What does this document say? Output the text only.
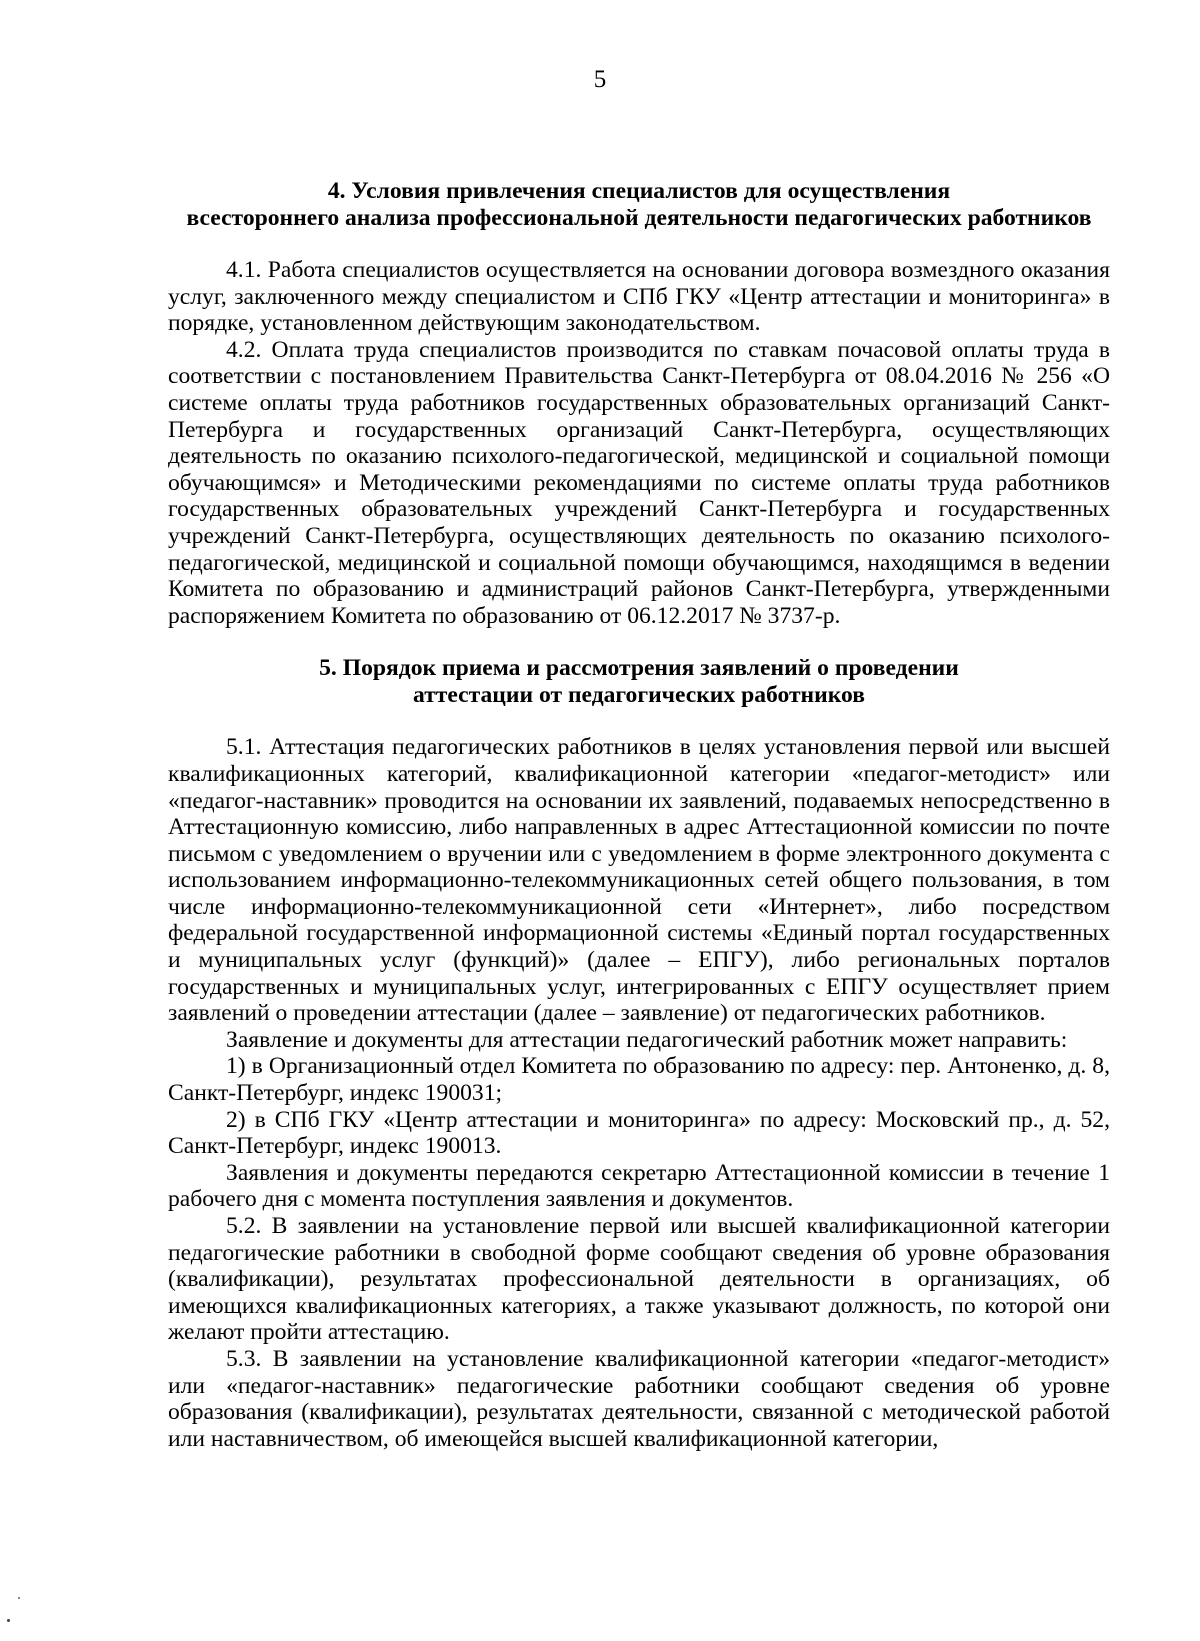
5
4. Условия привлечения специалистов для осуществления
всестороннего анализа профессиональной деятельности педагогических работников

4.1. Работа специалистов осуществляется на основании договора возмездного оказания услуг, заключенного между специалистом и СПб ГКУ «Центр аттестации и мониторинга» в порядке, установленном действующим законодательством.

4.2. Оплата труда специалистов производится по ставкам почасовой оплаты труда в соответствии с постановлением Правительства Санкт-Петербурга от 08.04.2016 № 256 «О системе оплаты труда работников государственных образовательных организаций Санкт-Петербурга и государственных организаций Санкт-Петербурга, осуществляющих деятельность по оказанию психолого-педагогической, медицинской и социальной помощи обучающимся» и Методическими рекомендациями по системе оплаты труда работников государственных образовательных учреждений Санкт-Петербурга и государственных учреждений Санкт-Петербурга, осуществляющих деятельность по оказанию психолого-педагогической, медицинской и социальной помощи обучающимся, находящимся в ведении Комитета по образованию и администраций районов Санкт-Петербурга, утвержденными распоряжением Комитета по образованию от 06.12.2017 № 3737-р.

5. Порядок приема и рассмотрения заявлений о проведении
аттестации от педагогических работников

5.1. Аттестация педагогических работников в целях установления первой или высшей квалификационных категорий, квалификационной категории «педагог-методист» или «педагог-наставник» проводится на основании их заявлений, подаваемых непосредственно в Аттестационную комиссию, либо направленных в адрес Аттестационной комиссии по почте письмом с уведомлением о вручении или с уведомлением в форме электронного документа с использованием информационно-телекоммуникационных сетей общего пользования, в том числе информационно-телекоммуникационной сети «Интернет», либо посредством федеральной государственной информационной системы «Единый портал государственных и муниципальных услуг (функций)» (далее – ЕПГУ), либо региональных порталов государственных и муниципальных услуг, интегрированных с ЕПГУ осуществляет прием заявлений о проведении аттестации (далее – заявление) от педагогических работников.

Заявление и документы для аттестации педагогический работник может направить:

1) в Организационный отдел Комитета по образованию по адресу: пер. Антоненко, д. 8, Санкт-Петербург, индекс 190031;

2) в СПб ГКУ «Центр аттестации и мониторинга» по адресу: Московский пр., д. 52, Санкт-Петербург, индекс 190013.

Заявления и документы передаются секретарю Аттестационной комиссии в течение 1 рабочего дня с момента поступления заявления и документов.

5.2. В заявлении на установление первой или высшей квалификационной категории педагогические работники в свободной форме сообщают сведения об уровне образования (квалификации), результатах профессиональной деятельности в организациях, об имеющихся квалификационных категориях, а также указывают должность, по которой они желают пройти аттестацию.

5.3. В заявлении на установление квалификационной категории «педагог-методист» или «педагог-наставник» педагогические работники сообщают сведения об уровне образования (квалификации), результатах деятельности, связанной с методической работой или наставничеством, об имеющейся высшей квалификационной категории,
